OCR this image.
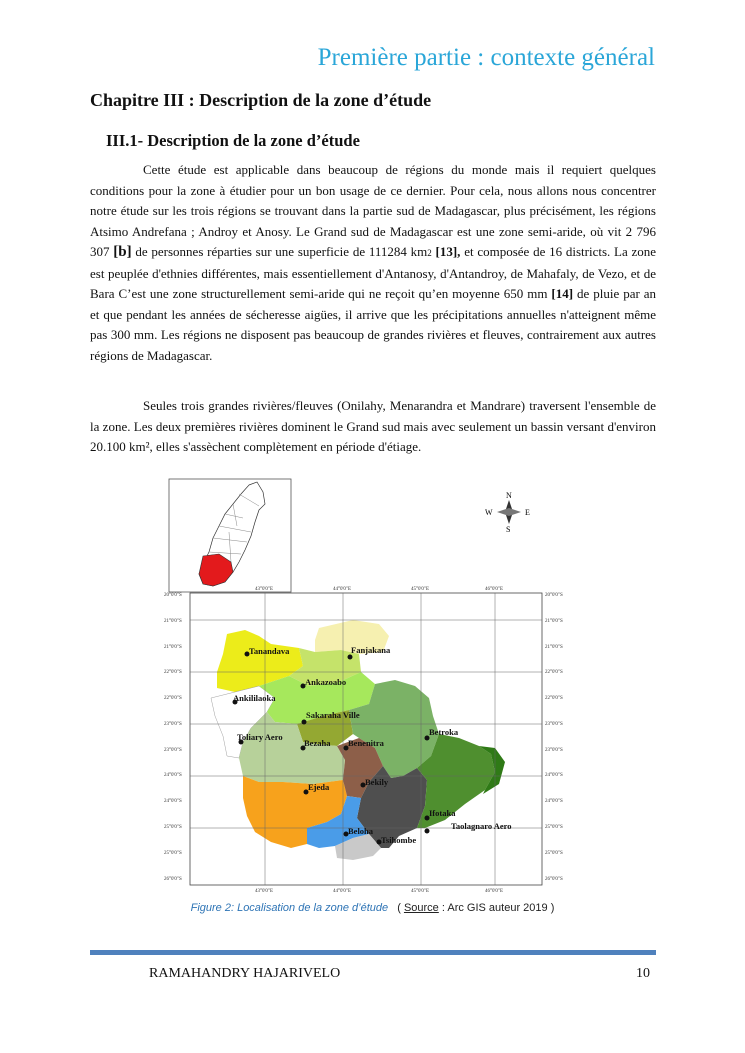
Première partie : contexte général
Chapitre III : Description de la zone d’étude
III.1- Description de la zone d’étude
Cette étude est applicable dans beaucoup de régions du monde mais il requiert quelques conditions pour la zone à étudier pour un bon usage de ce dernier. Pour cela, nous allons nous concentrer notre étude sur les trois régions se trouvant dans la partie sud de Madagascar, plus précisément, les régions Atsimo Andrefana ; Androy et Anosy. Le Grand sud de Madagascar est une zone semi-aride, où vit 2 796 307 [b] de personnes réparties sur une superficie de 111284 km2 [13], et composée de 16 districts. La zone est peuplée d'ethnies différentes, mais essentiellement d'Antanosy, d'Antandroy, de Mahafaly, de Vezo, et de Bara C’est une zone structurellement semi-aride qui ne reçoit qu’en moyenne 650 mm [14] de pluie par an et que pendant les années de sécheresse aigües, il arrive que les précipitations annuelles n'atteignent même pas 300 mm. Les régions ne disposent pas beaucoup de grandes rivières et fleuves, contrairement aux autres régions de Madagascar.
Seules trois grandes rivières/fleuves (Onilahy, Menarandra et Mandrare) traversent l'ensemble de la zone. Les deux premières rivières dominent le Grand sud mais avec seulement un bassin versant d'environ 20.100 km², elles s'assèchent complètement en période d'étiage.
N
S
E
W
20°0'0"S
21°0'0"S
21°0'0"S
22°0'0"S
22°0'0"S
23°0'0"S
23°0'0"S
24°0'0"S
24°0'0"S
25°0'0"S
25°0'0"S
26°0'0"S
20°0'0"S
21°0'0"S
21°0'0"S
22°0'0"S
22°0'0"S
23°0'0"S
23°0'0"S
24°0'0"S
24°0'0"S
25°0'0"S
25°0'0"S
26°0'0"S
43°0'0"E	44°0'0"E	45°0'0"E	46°0'0"E
43°0'0"E	44°0'0"E	45°0'0"E	46°0'0"E
Tanandava	Fanjakana
Ankazoabo
Ankililaoka
Sakaraha Ville
Toliary Aero
Bezaha Benenitra
Betroka
Bekily
Ejeda
Ifotaka
Taolagnaro Aero
Beloha
Tsihombe
Figure 2: Localisation de la zone d’étude ( Source : Arc GIS auteur 2019 )
RAMAHANDRY HAJARIVELO	10
